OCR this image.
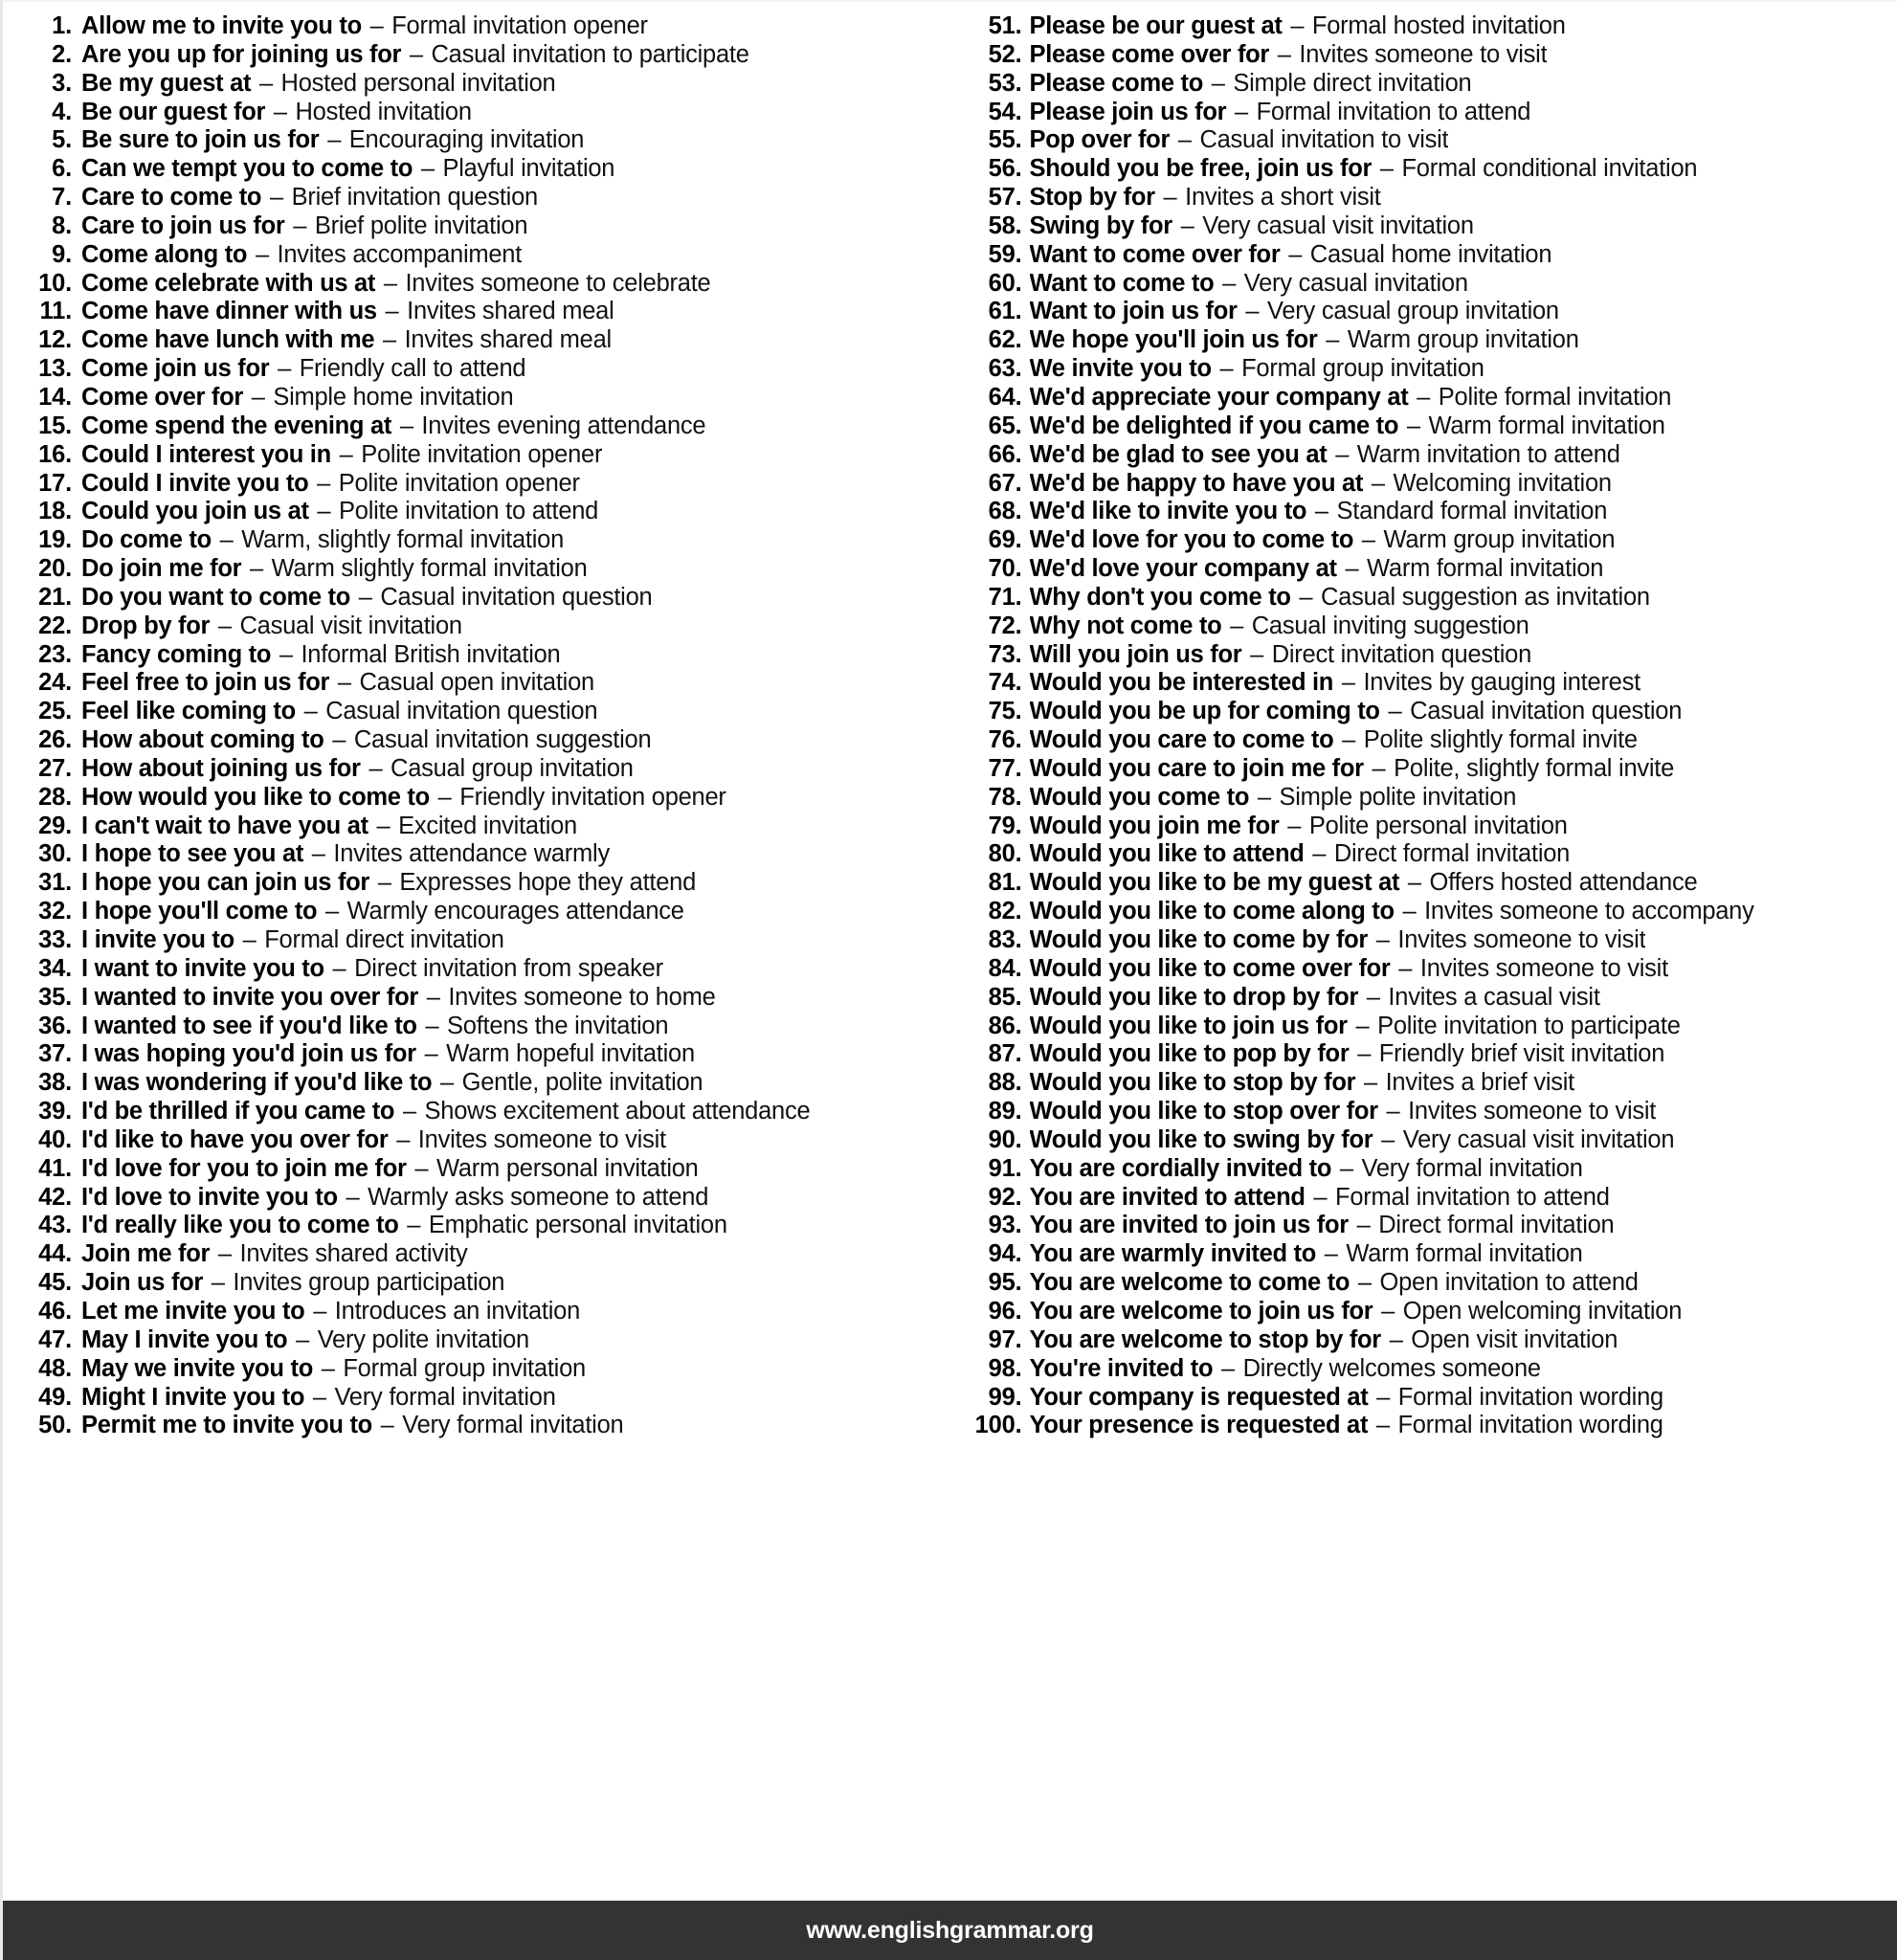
1. Allow me to invite you to – Formal invitation opener
2. Are you up for joining us for – Casual invitation to participate
3. Be my guest at – Hosted personal invitation
4. Be our guest for – Hosted invitation
5. Be sure to join us for – Encouraging invitation
6. Can we tempt you to come to – Playful invitation
7. Care to come to – Brief invitation question
8. Care to join us for – Brief polite invitation
9. Come along to – Invites accompaniment
10. Come celebrate with us at – Invites someone to celebrate
11. Come have dinner with us – Invites shared meal
12. Come have lunch with me – Invites shared meal
13. Come join us for – Friendly call to attend
14. Come over for – Simple home invitation
15. Come spend the evening at – Invites evening attendance
16. Could I interest you in – Polite invitation opener
17. Could I invite you to – Polite invitation opener
18. Could you join us at – Polite invitation to attend
19. Do come to – Warm, slightly formal invitation
20. Do join me for – Warm slightly formal invitation
21. Do you want to come to – Casual invitation question
22. Drop by for – Casual visit invitation
23. Fancy coming to – Informal British invitation
24. Feel free to join us for – Casual open invitation
25. Feel like coming to – Casual invitation question
26. How about coming to – Casual invitation suggestion
27. How about joining us for – Casual group invitation
28. How would you like to come to – Friendly invitation opener
29. I can't wait to have you at – Excited invitation
30. I hope to see you at – Invites attendance warmly
31. I hope you can join us for – Expresses hope they attend
32. I hope you'll come to – Warmly encourages attendance
33. I invite you to – Formal direct invitation
34. I want to invite you to – Direct invitation from speaker
35. I wanted to invite you over for – Invites someone to home
36. I wanted to see if you'd like to – Softens the invitation
37. I was hoping you'd join us for – Warm hopeful invitation
38. I was wondering if you'd like to – Gentle, polite invitation
39. I'd be thrilled if you came to – Shows excitement about attendance
40. I'd like to have you over for – Invites someone to visit
41. I'd love for you to join me for – Warm personal invitation
42. I'd love to invite you to – Warmly asks someone to attend
43. I'd really like you to come to – Emphatic personal invitation
44. Join me for – Invites shared activity
45. Join us for – Invites group participation
46. Let me invite you to – Introduces an invitation
47. May I invite you to – Very polite invitation
48. May we invite you to – Formal group invitation
49. Might I invite you to – Very formal invitation
50. Permit me to invite you to – Very formal invitation
51. Please be our guest at – Formal hosted invitation
52. Please come over for – Invites someone to visit
53. Please come to – Simple direct invitation
54. Please join us for – Formal invitation to attend
55. Pop over for – Casual invitation to visit
56. Should you be free, join us for – Formal conditional invitation
57. Stop by for – Invites a short visit
58. Swing by for – Very casual visit invitation
59. Want to come over for – Casual home invitation
60. Want to come to – Very casual invitation
61. Want to join us for – Very casual group invitation
62. We hope you'll join us for – Warm group invitation
63. We invite you to – Formal group invitation
64. We'd appreciate your company at – Polite formal invitation
65. We'd be delighted if you came to – Warm formal invitation
66. We'd be glad to see you at – Warm invitation to attend
67. We'd be happy to have you at – Welcoming invitation
68. We'd like to invite you to – Standard formal invitation
69. We'd love for you to come to – Warm group invitation
70. We'd love your company at – Warm formal invitation
71. Why don't you come to – Casual suggestion as invitation
72. Why not come to – Casual inviting suggestion
73. Will you join us for – Direct invitation question
74. Would you be interested in – Invites by gauging interest
75. Would you be up for coming to – Casual invitation question
76. Would you care to come to – Polite slightly formal invite
77. Would you care to join me for – Polite, slightly formal invite
78. Would you come to – Simple polite invitation
79. Would you join me for – Polite personal invitation
80. Would you like to attend – Direct formal invitation
81. Would you like to be my guest at – Offers hosted attendance
82. Would you like to come along to – Invites someone to accompany
83. Would you like to come by for – Invites someone to visit
84. Would you like to come over for – Invites someone to visit
85. Would you like to drop by for – Invites a casual visit
86. Would you like to join us for – Polite invitation to participate
87. Would you like to pop by for – Friendly brief visit invitation
88. Would you like to stop by for – Invites a brief visit
89. Would you like to stop over for – Invites someone to visit
90. Would you like to swing by for – Very casual visit invitation
91. You are cordially invited to – Very formal invitation
92. You are invited to attend – Formal invitation to attend
93. You are invited to join us for – Direct formal invitation
94. You are warmly invited to – Warm formal invitation
95. You are welcome to come to – Open invitation to attend
96. You are welcome to join us for – Open welcoming invitation
97. You are welcome to stop by for – Open visit invitation
98. You're invited to – Directly welcomes someone
99. Your company is requested at – Formal invitation wording
100. Your presence is requested at – Formal invitation wording
www.englishgrammar.org
